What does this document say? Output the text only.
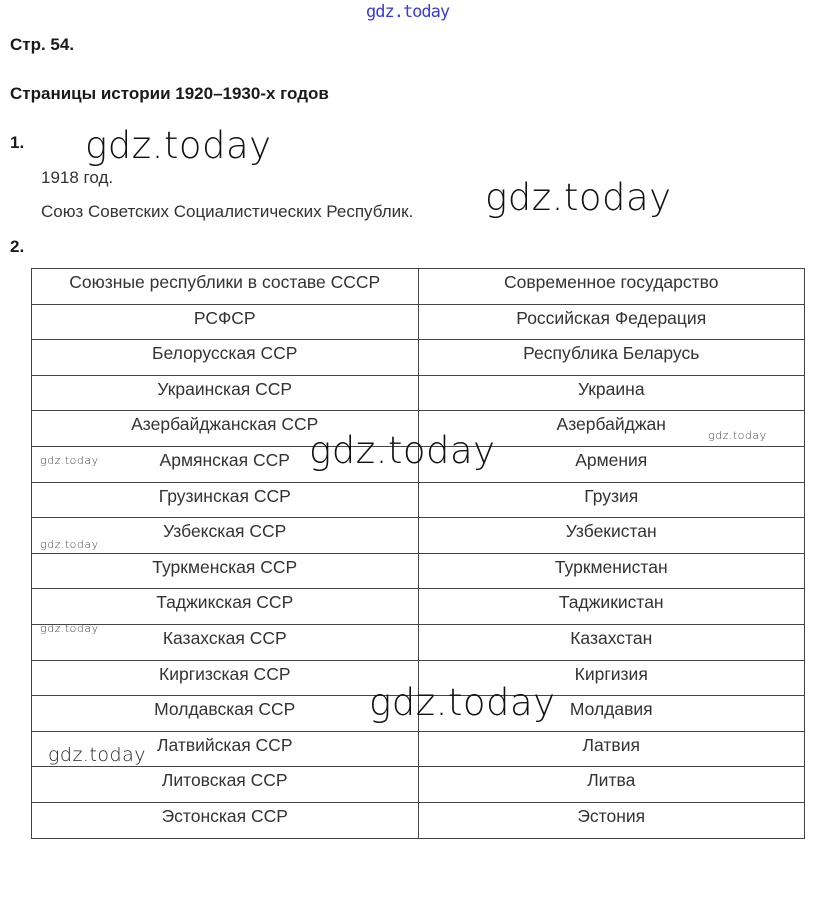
gdz.today
Стр. 54.
Страницы истории 1920–1930-х годов
1.
1918 год.
Союз Советских Социалистических Республик.
2.
Союзные республики в составе СССР	Современное государство
РСФСР	Российская Федерация
Белорусская ССР	Республика Беларусь
Украинская ССР	Украина
Азербайджанская ССР	Азербайджан
Армянская ССР	Армения
Грузинская ССР	Грузия
Узбекская ССР	Узбекистан
Туркменская ССР	Туркменистан
Таджикская ССР	Таджикистан
Казахская ССР	Казахстан
Киргизская ССР	Киргизия
Молдавская ССР	Молдавия
Латвийская ССР	Латвия
Литовская ССР	Литва
Эстонская ССР	Эстония
gdz.today
gdz.today
gdz.today
gdz.today
gdz.today
gdz.today
gdz.today
gdz.today
gdz.today
